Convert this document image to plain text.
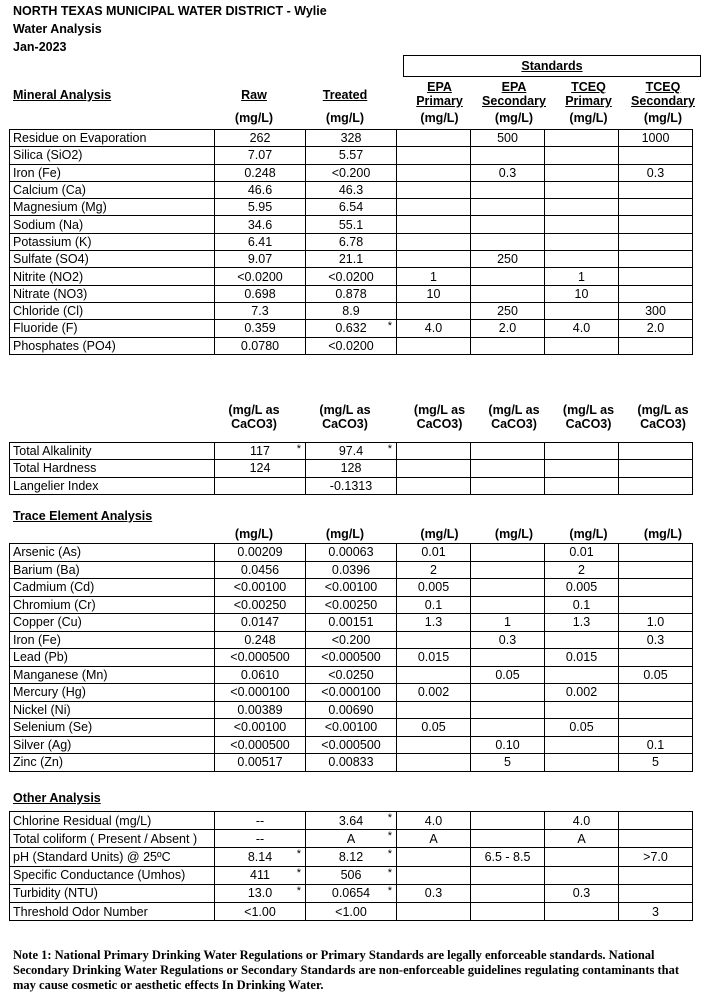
NORTH TEXAS MUNICIPAL WATER DISTRICT - Wylie
Water Analysis
Jan-2023
Standards
Mineral Analysis	Raw	Treated
EPA
Primary
EPA
Secondary
TCEQ
Primary
TCEQ
Secondary
(mg/L)	(mg/L)	(mg/L)	(mg/L)	(mg/L)	(mg/L)
Residue on Evaporation	262	328		500		1000
Silica (SiO2)	7.07	5.57				
Iron (Fe)	0.248	<0.200		0.3		0.3
Calcium (Ca)	46.6	46.3				
Magnesium (Mg)	5.95	6.54				
Sodium (Na)	34.6	55.1				
Potassium (K)	6.41	6.78				
Sulfate (SO4)	9.07	21.1		250		
Nitrite (NO2)	<0.0200	<0.0200	1		1	
Nitrate (NO3)	0.698	0.878	10		10	
Chloride (Cl)	7.3	8.9		250		300
Fluoride (F)	0.359	0.632 *	4.0	2.0	4.0	2.0
Phosphates (PO4)	0.0780	<0.0200				
(mg/L as
CaCO3)
(mg/L as
CaCO3)
(mg/L as
CaCO3)
(mg/L as
CaCO3)
(mg/L as
CaCO3)
(mg/L as
CaCO3)
Total Alkalinity	117 *	97.4 *				

Total Hardness	124	128				
Langelier Index		-0.1313				
Trace Element Analysis
(mg/L)	(mg/L)	(mg/L)	(mg/L)	(mg/L)	(mg/L)
Arsenic (As)	0.00209	0.00063	0.01		0.01	
Barium (Ba)	0.0456	0.0396	2		2	
Cadmium (Cd)	<0.00100	<0.00100	0.005		0.005	
Chromium (Cr)	<0.00250	<0.00250	0.1		0.1	
Copper (Cu)	0.0147	0.00151	1.3	1	1.3	1.0
Iron (Fe)	0.248	<0.200		0.3		0.3
Lead (Pb)	<0.000500	<0.000500	0.015		0.015	
Manganese (Mn)	0.0610	<0.0250		0.05		0.05
Mercury (Hg)	<0.000100	<0.000100	0.002		0.002	
Nickel (Ni)	0.00389	0.00690				
Selenium (Se)	<0.00100	<0.00100	0.05		0.05	
Silver (Ag)	<0.000500	<0.000500		0.10		0.1
Zinc (Zn)	0.00517	0.00833		5		5
Other Analysis
Chlorine Residual (mg/L)	--	3.64 *	4.0		4.0	
Total coliform ( Present / Absent )	--	A *	A		A	
pH (Standard Units) @ 25ºC	8.14 *	8.12 *		6.5 - 8.5		>7.0
Specific Conductance (Umhos)	411 *	506 *				

Turbidity (NTU)	13.0 *	0.0654 *	0.3		0.3	
Threshold Odor Number	<1.00	<1.00				3
Note 1: National Primary Drinking Water Regulations or Primary Standards are legally enforceable standards. National Secondary Drinking Water Regulations or Secondary Standards are non-enforceable guidelines regulating contaminants that may cause cosmetic or aesthetic effects In Drinking Water.
